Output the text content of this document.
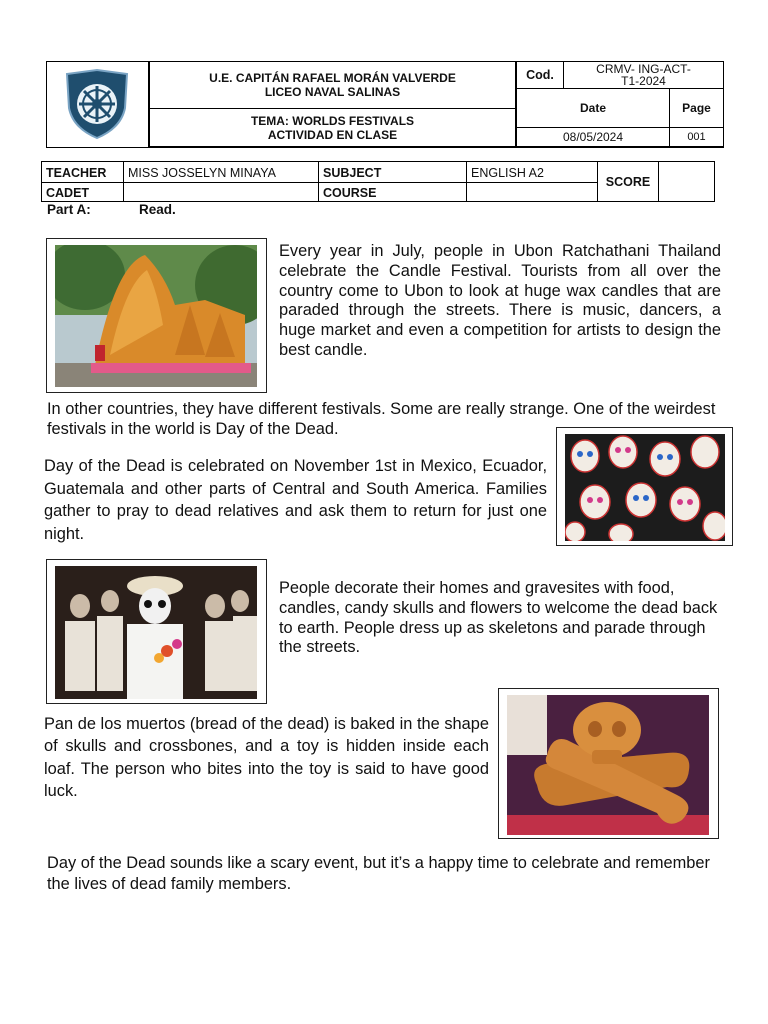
U.E. CAPITÁN RAFAEL MORÁN VALVERDE
LICEO NAVAL SALINAS
TEMA: WORLDS FESTIVALS
ACTIVIDAD EN CLASE
Cod.	CRMV- ING-ACT-T1-2024
Date	Page
08/05/2024	001
TEACHER	MISS JOSSELYN MINAYA	SUBJECT	ENGLISH A2
SCORE
CADET	COURSE
Part A:	Read.
Every year in July, people in Ubon Ratchathani Thailand celebrate the Candle Festival. Tourists from all over the country come to Ubon to look at huge wax candles that are paraded through the streets. There is music, dancers, a huge market and even a competition for artists to design the best candle.
In other countries, they have different festivals. Some are really strange. One of the weirdest festivals in the world is Day of the Dead.
Day of the Dead is celebrated on November 1st in Mexico, Ecuador, Guatemala and other parts of Central and South America. Families gather to pray to dead relatives and ask them to return for just one night.
People decorate their homes and gravesites with food, candles, candy skulls and flowers to welcome the dead back to earth. People dress up as skeletons and parade through the streets.
Pan de los muertos (bread of the dead) is baked in the shape of skulls and crossbones, and a toy is hidden inside each loaf. The person who bites into the toy is said to have good luck.
Day of the Dead sounds like a scary event, but it’s a happy time to celebrate and remember the lives of dead family members.
